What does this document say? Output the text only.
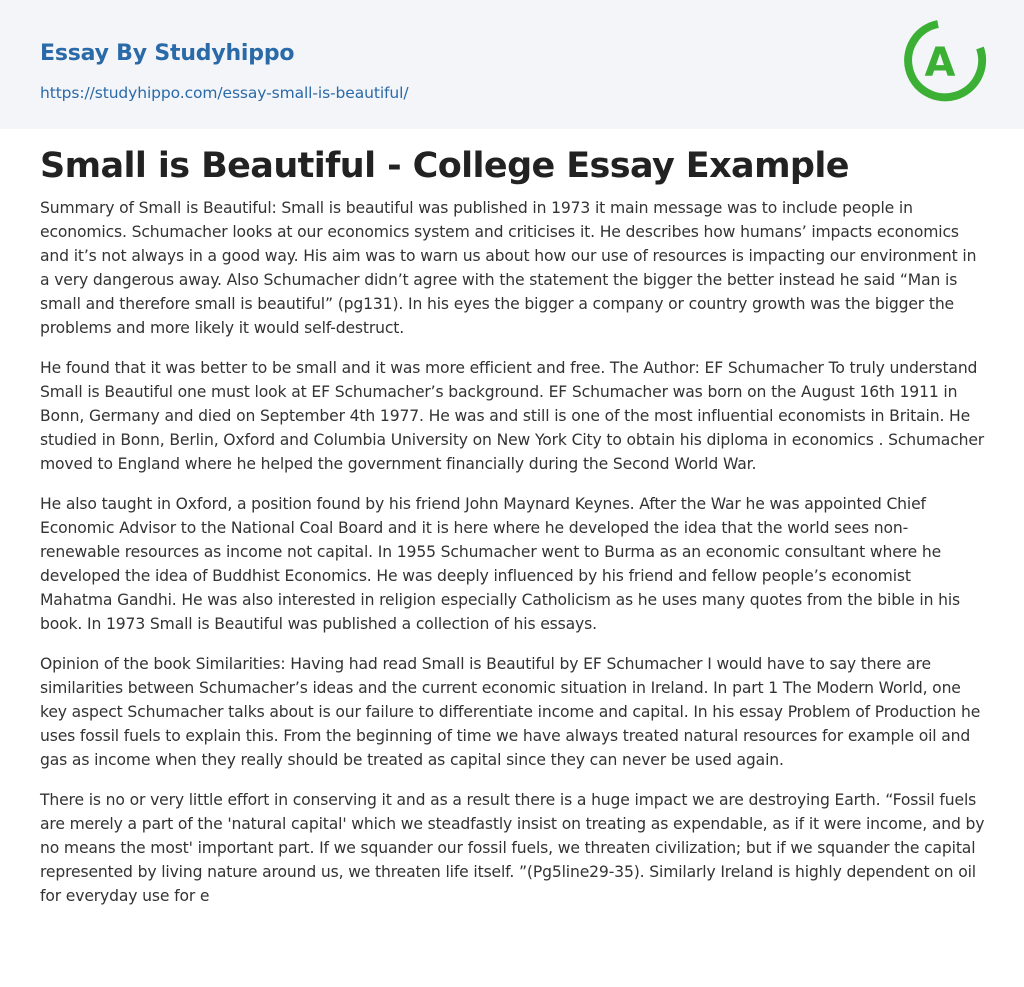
Essay By Studyhippo
https://studyhippo.com/essay-small-is-beautiful/
A
Small is Beautiful - College Essay Example

Summary of Small is Beautiful: Small is beautiful was published in 1973 it main message was to include people in economics. Schumacher looks at our economics system and criticises it. He describes how humans’ impacts economics and it’s not always in a good way. His aim was to warn us about how our use of resources is impacting our environment in a very dangerous away. Also Schumacher didn’t agree with the statement the bigger the better instead he said “Man is small and therefore small is beautiful” (pg131). In his eyes the bigger a company or country growth was the bigger the problems and more likely it would self-destruct.

He found that it was better to be small and it was more efficient and free. The Author: EF Schumacher To truly understand Small is Beautiful one must look at EF Schumacher’s background. EF Schumacher was born on the August 16th 1911 in Bonn, Germany and died on September 4th 1977. He was and still is one of the most influential economists in Britain. He studied in Bonn, Berlin, Oxford and Columbia University on New York City to obtain his diploma in economics . Schumacher moved to England where he helped the government financially during the Second World War.

He also taught in Oxford, a position found by his friend John Maynard Keynes. After the War he was appointed Chief Economic Advisor to the National Coal Board and it is here where he developed the idea that the world sees non-renewable resources as income not capital. In 1955 Schumacher went to Burma as an economic consultant where he developed the idea of Buddhist Economics. He was deeply influenced by his friend and fellow people’s economist Mahatma Gandhi. He was also interested in religion especially Catholicism as he uses many quotes from the bible in his book. In 1973 Small is Beautiful was published a collection of his essays.

Opinion of the book Similarities: Having had read Small is Beautiful by EF Schumacher I would have to say there are similarities between Schumacher’s ideas and the current economic situation in Ireland. In part 1 The Modern World, one key aspect Schumacher talks about is our failure to differentiate income and capital. In his essay Problem of Production he uses fossil fuels to explain this. From the beginning of time we have always treated natural resources for example oil and gas as income when they really should be treated as capital since they can never be used again.

There is no or very little effort in conserving it and as a result there is a huge impact we are destroying Earth. “Fossil fuels are merely a part of the 'natural capital' which we steadfastly insist on treating as expendable, as if it were income, and by no means the most' important part. If we squander our fossil fuels, we threaten civilization; but if we squander the capital represented by living nature around us, we threaten life itself. ”(Pg5line29-35). Similarly Ireland is highly dependent on oil for everyday use for e
